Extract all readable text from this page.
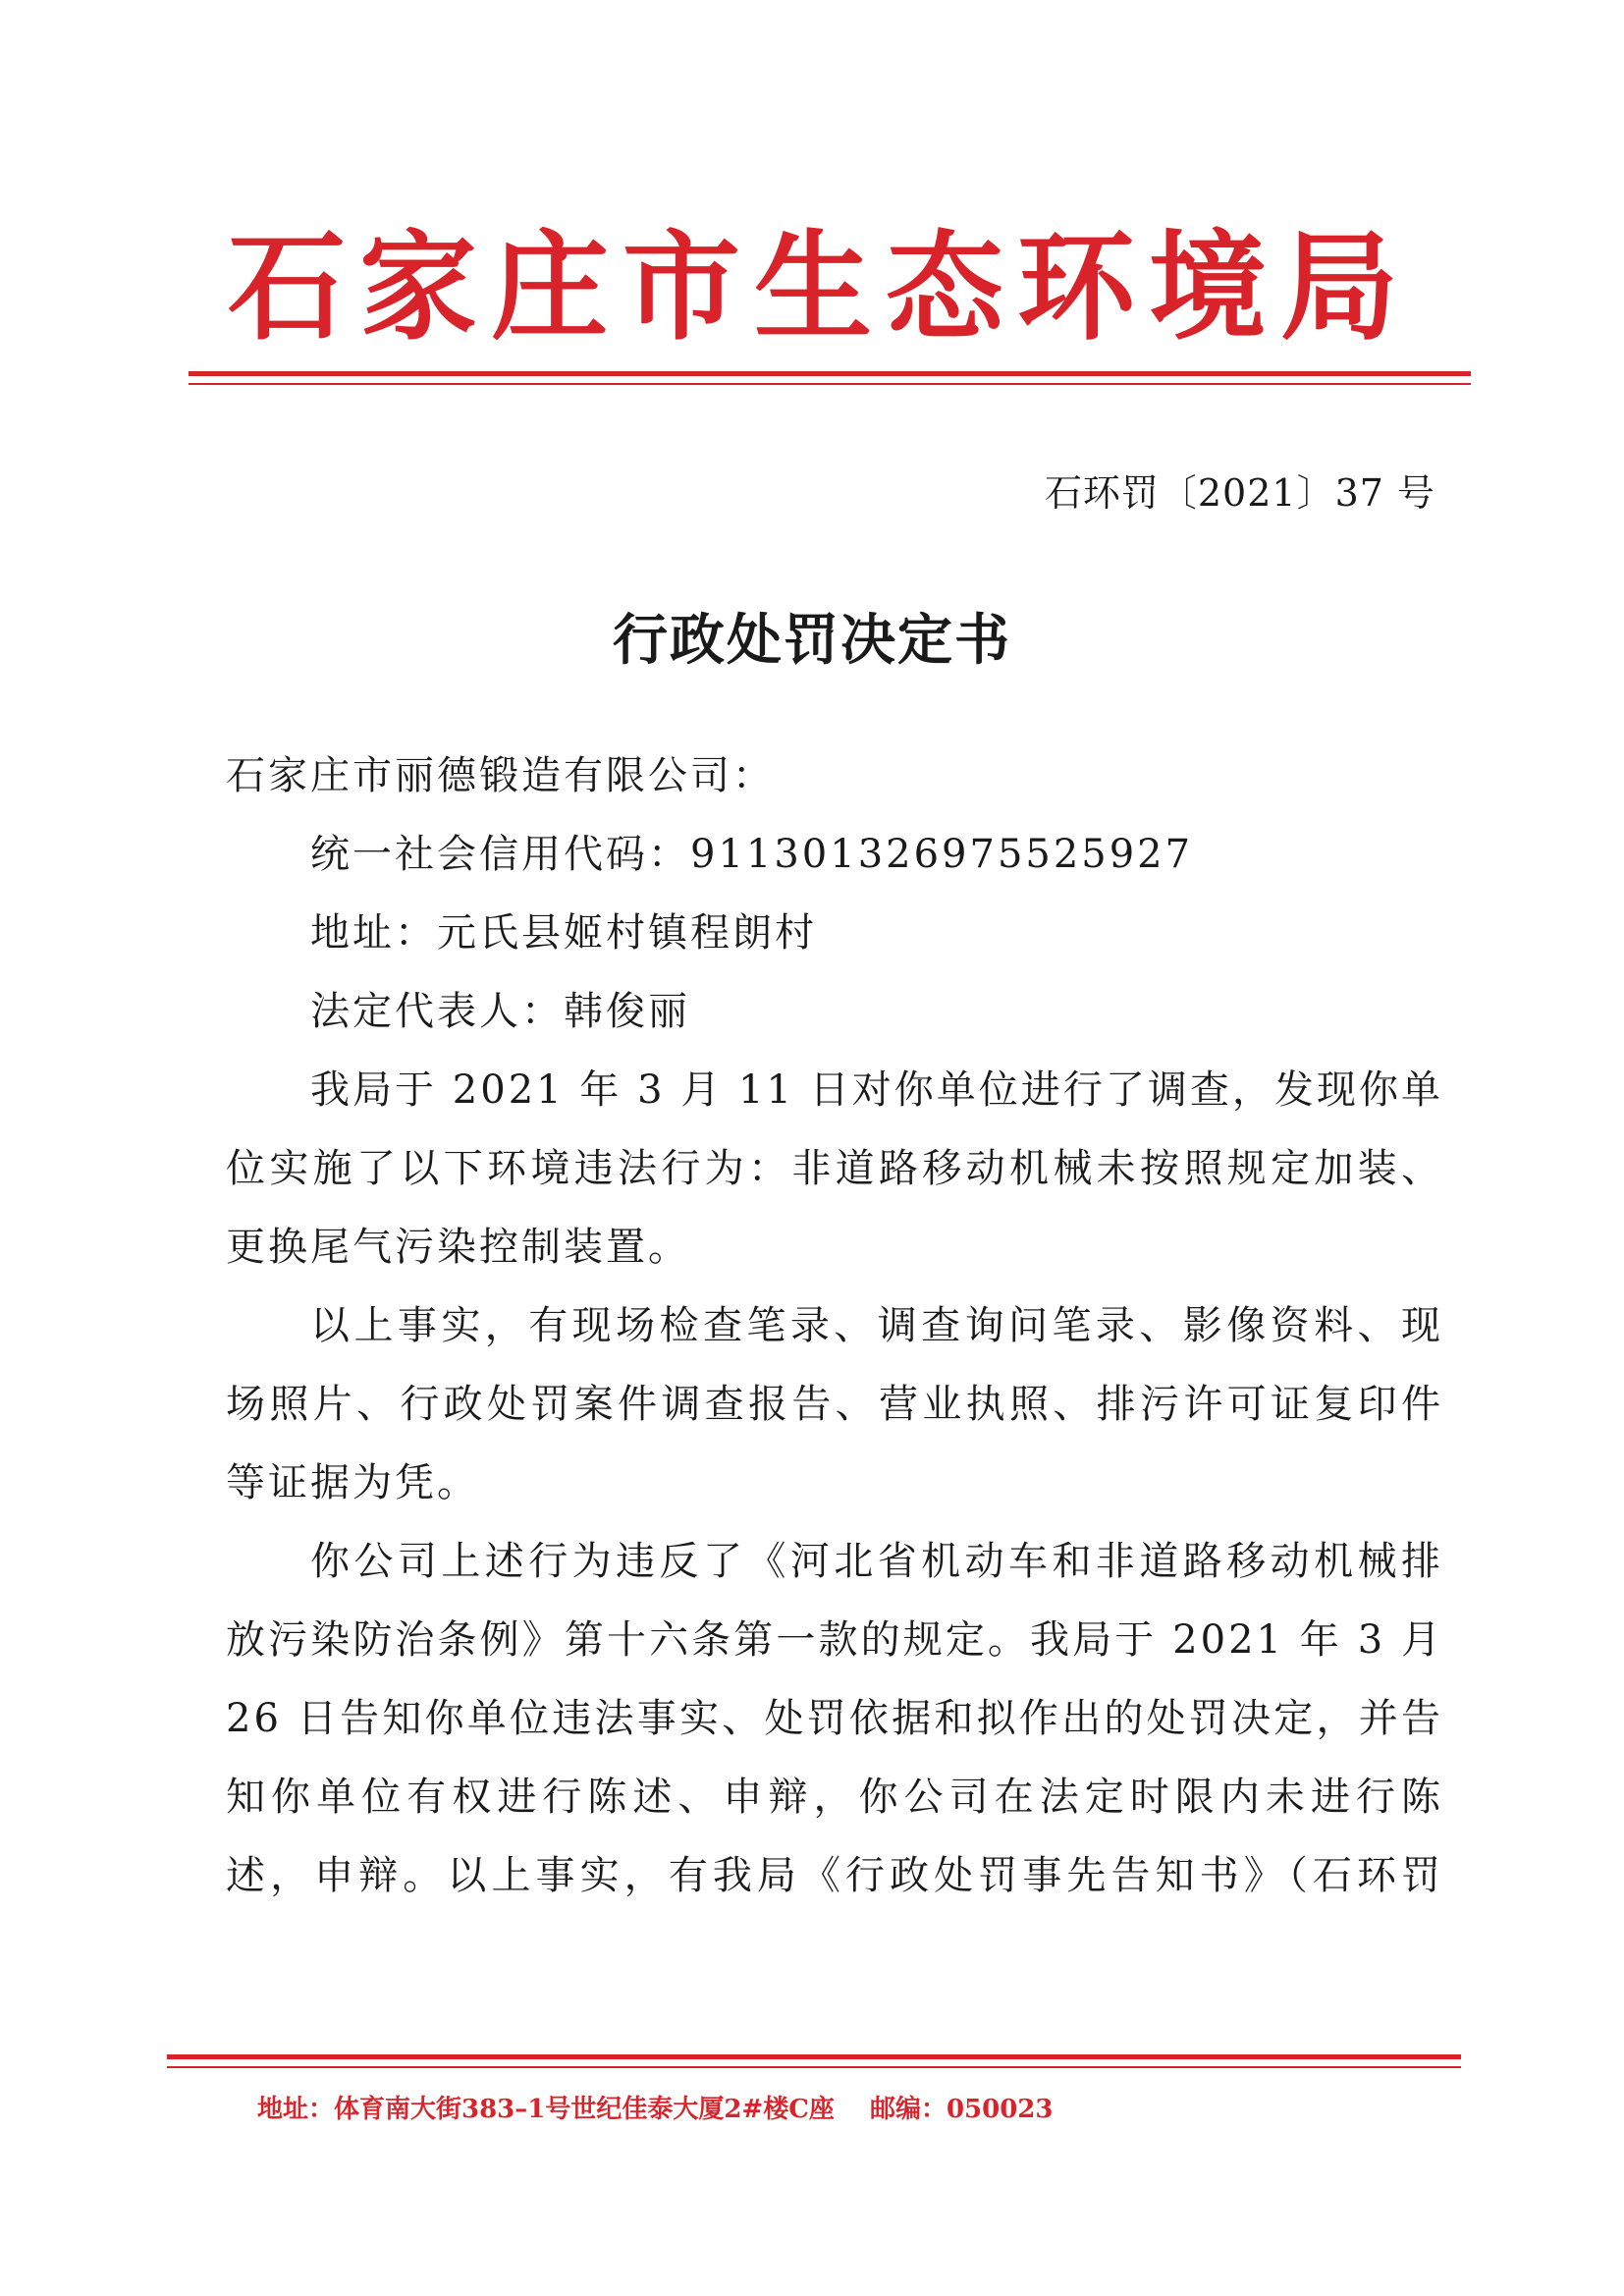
石家庄市生态环境局
石环罚〔2021〕37 号
行政处罚决定书

石家庄市丽德锻造有限公司：

统一社会信用代码：911301326975525927

地址：元氏县姬村镇程朗村

法定代表人：韩俊丽

我局于 2021 年 3 月 11 日对你单位进行了调查，发现你单位实施了以下环境违法行为：非道路移动机械未按照规定加装、更换尾气污染控制装置。

以上事实，有现场检查笔录、调查询问笔录、影像资料、现场照片、行政处罚案件调查报告、营业执照、排污许可证复印件等证据为凭。

你公司上述行为违反了《河北省机动车和非道路移动机械排放污染防治条例》第十六条第一款的规定。我局于 2021 年 3 月 26 日告知你单位违法事实、处罚依据和拟作出的处罚决定，并告知你单位有权进行陈述、申辩，你公司在法定时限内未进行陈述，申辩。以上事实，有我局《行政处罚事先告知书》（石环罚

地址：体育南大街383–1号世纪佳泰大厦2#楼C座 邮编：050023
